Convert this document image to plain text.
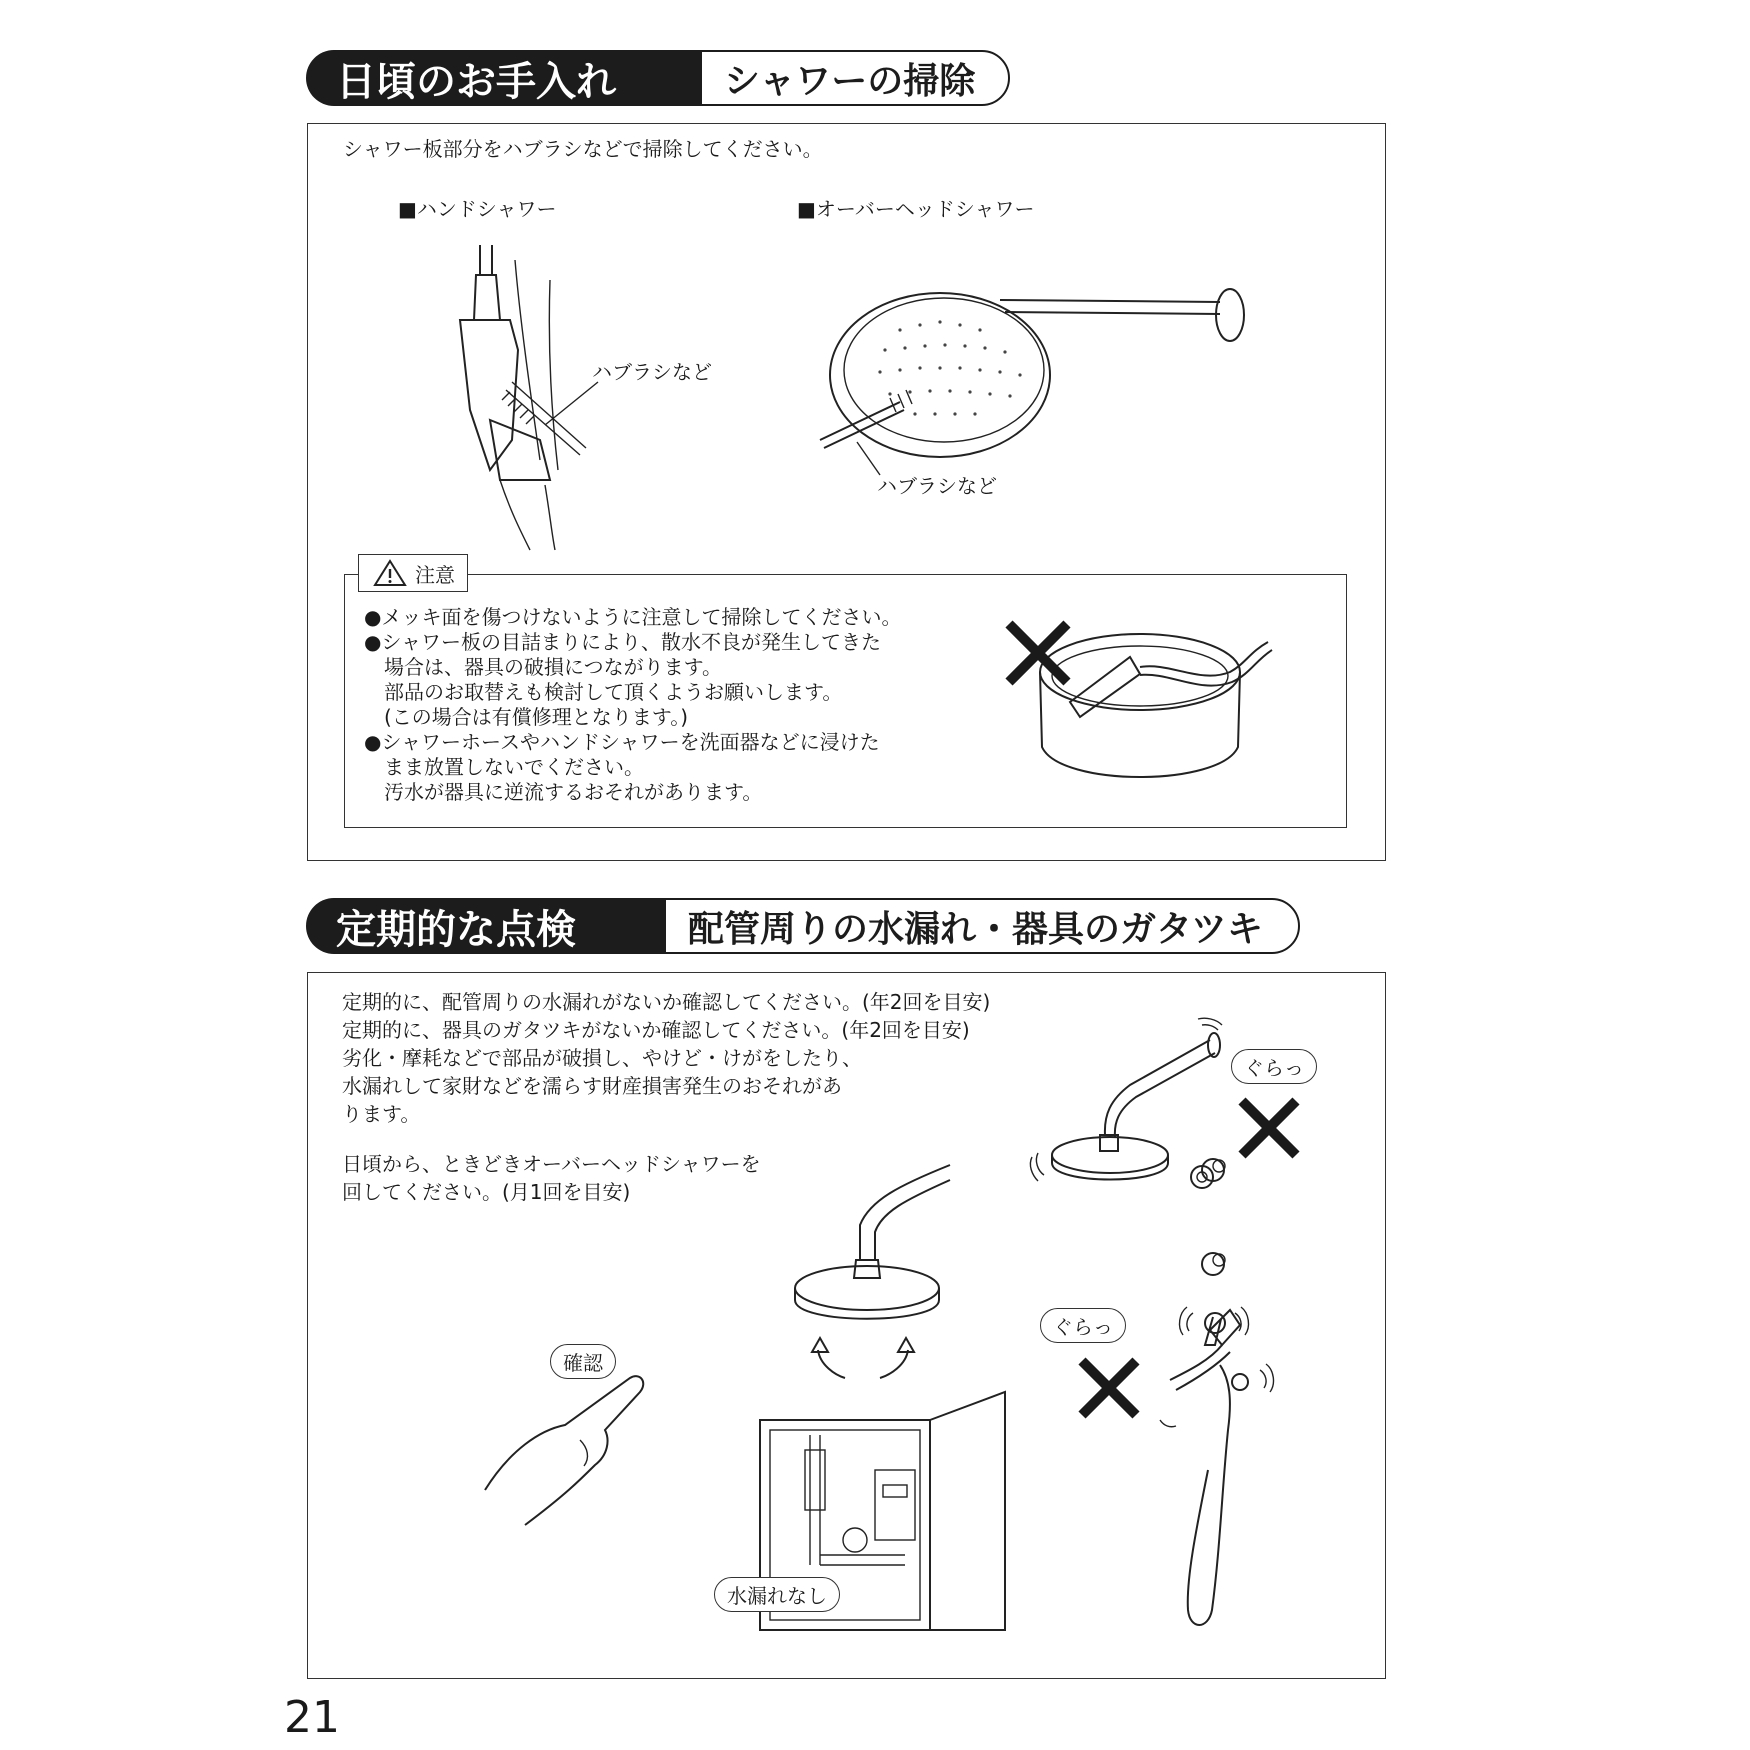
日頃のお手入れ	シャワーの掃除
シャワー板部分をハブラシなどで掃除してください。
■ハンドシャワー	■オーバーヘッドシャワー
ハブラシなど
ハブラシなど
注意
●メッキ面を傷つけないように注意して掃除してください。
●シャワー板の目詰まりにより、散水不良が発生してきた
　場合は、器具の破損につながります。
　部品のお取替えも検討して頂くようお願いします。
　(この場合は有償修理となります。)
●シャワーホースやハンドシャワーを洗面器などに浸けた
　まま放置しないでください。
　汚水が器具に逆流するおそれがあります。
定期的な点検	配管周りの水漏れ・器具のガタツキ
定期的に、配管周りの水漏れがないか確認してください。(年2回を目安)
定期的に、器具のガタツキがないか確認してください。(年2回を目安)
劣化・摩耗などで部品が破損し、やけど・けがをしたり、
水漏れして家財などを濡らす財産損害発生のおそれがあ
ります。
日頃から、ときどきオーバーヘッドシャワーを
回してください。(月1回を目安)
確認
水漏れなし
ぐらっ
ぐらっ
21
